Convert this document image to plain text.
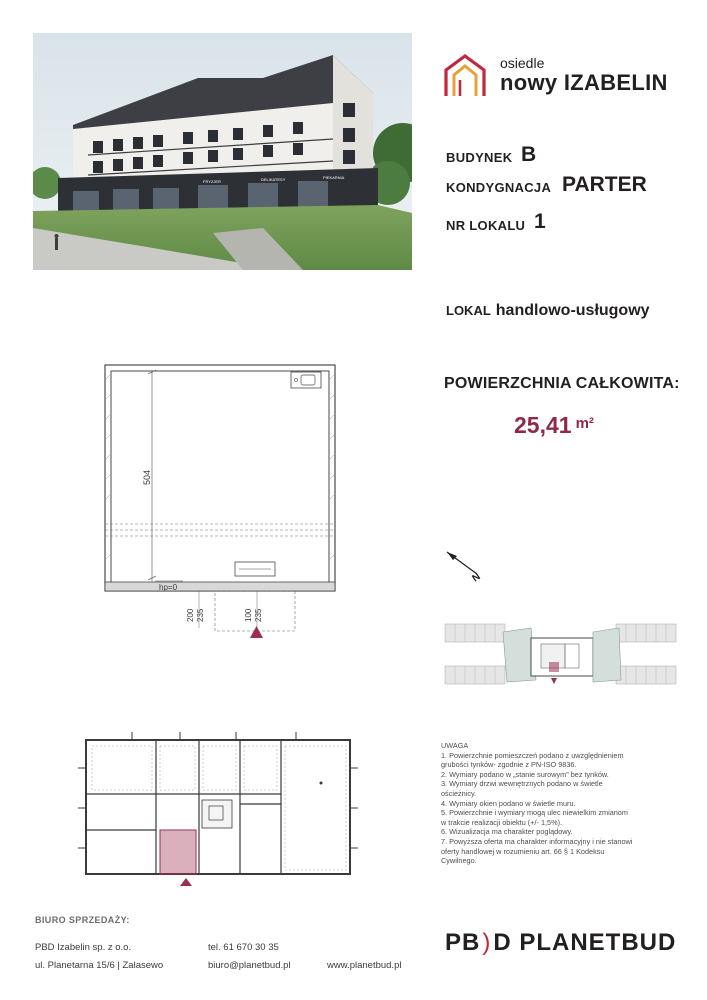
FRYZJER	DELIKATESY	PIEKARNIA
osiedle
nowy IZABELIN
BUDYNEK B
KONDYGNACJA PARTER
NR LOKALU 1
LOKAL handlowo-usługowy
POWIERZCHNIA CAŁKOWITA:
25,41 $^{m^2}$
504
hp=0
200 235	100 235
N
UWAGA
1. Powierzchnie pomieszczeń podano z uwzględnieniem
grubości tynków- zgodnie z PN-ISO 9836.
2. Wymiary podano w „stanie surowym” bez tynków.
3. Wymiary drzwi wewnętrznych podano w świetle
ościeżnicy.
4. Wymiary okien podano w świetle muru.
5. Powierzchnie i wymiary mogą ulec niewielkim zmianom
w trakcie realizacji obiektu (+/- 1,5%).
6. Wizualizacja ma charakter poglądowy.
7. Powyższa oferta ma charakter informacyjny i nie stanowi
oferty handlowej w rozumieniu art. 66 § 1 Kodeksu
Cywilnego.
BIURO SPRZEDAŻY:
PBD Izabelin sp. z o.o.
ul. Planetarna 15/6 | Zalasewo
tel. 61 670 30 35
biuro@planetbud.pl	www.planetbud.pl
PB)D PLANETBUD
